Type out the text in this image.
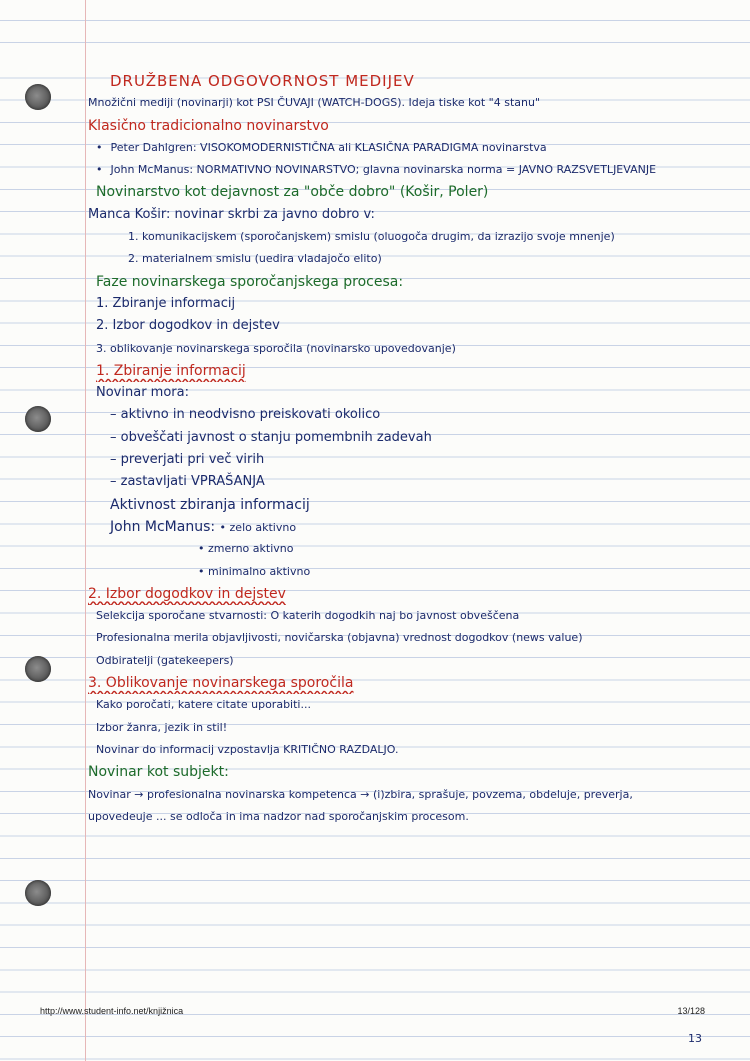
DRUŽBENA ODGOVORNOST MEDIJEV
Množični mediji (novinarji) kot PSI ČUVAJI (WATCH-DOGS). Ideja tiske kot "4 stanu"
Klasično tradicionalno novinarstvo
• Peter Dahlgren: VISOKOMODERNISTIČNA ali KLASIČNA PARADIGMA novinarstva
• John McManus: NORMATIVNO NOVINARSTVO; glavna novinarska norma = JAVNO RAZSVETLJEVANJE
Novinarstvo kot dejavnost za "obče dobro" (Košir, Poler)
Manca Košir: novinar skrbi za javno dobro v:
1. komunikacijskem (sporočanjskem) smislu (oluogoča drugim, da izrazijo svoje mnenje)
2. materialnem smislu (uedira vladajočo elito)
Faze novinarskega sporočanjskega procesa:
1. Zbiranje informacij
2. Izbor dogodkov in dejstev
3. oblikovanje novinarskega sporočila (novinarsko upovedovanje)
1. Zbiranje informacij
Novinar mora:
– aktivno in neodvisno preiskovati okolico
– obveščati javnost o stanju pomembnih zadevah
– preverjati pri več virih
– zastavljati VPRAŠANJA
Aktivnost zbiranja informacij
John McManus: • zelo aktivno
• zmerno aktivno
• minimalno aktivno
2. Izbor dogodkov in dejstev
Selekcija sporočane stvarnosti: O katerih dogodkih naj bo javnost obveščena
Profesionalna merila objavljivosti, novičarska (objavna) vrednost dogodkov (news value)
Odbiratelji (gatekeepers)
3. Oblikovanje novinarskega sporočila
Kako poročati, katere citate uporabiti...
Izbor žanra, jezik in stil!
Novinar do informacij vzpostavlja KRITIČNO RAZDALJO.
Novinar kot subjekt:
Novinar → profesionalna novinarska kompetenca → (i)zbira, sprašuje, povzema, obdeluje, preverja,
upovedeuje ... se odloča in ima nadzor nad sporočanjskim procesom.
http://www.student-info.net/knjižnica	13/128
13
